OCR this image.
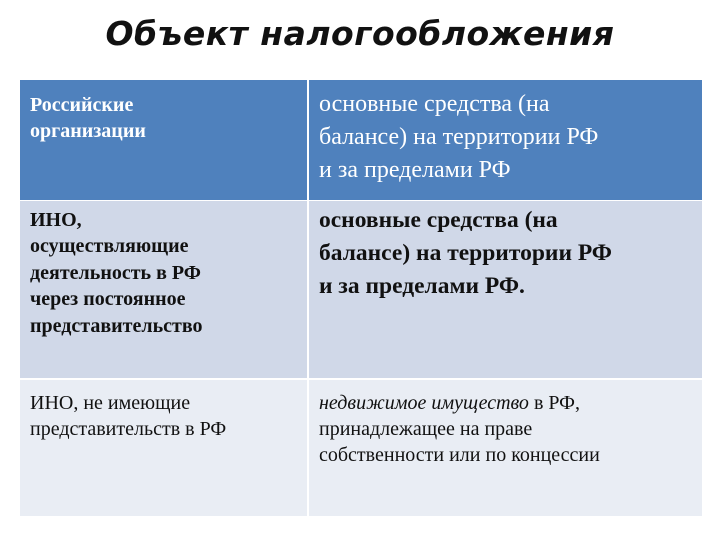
Объект налогообложения
Российские
организации
основные средства (на
балансе) на территории РФ
и за пределами РФ
ИНО,
осуществляющие
деятельность в РФ
через постоянное
представительство
основные средства (на
балансе) на территории РФ
и за пределами РФ.
ИНО, не имеющие
представительств в РФ
недвижимое имущество в РФ,
принадлежащее на праве
собственности или по концессии
